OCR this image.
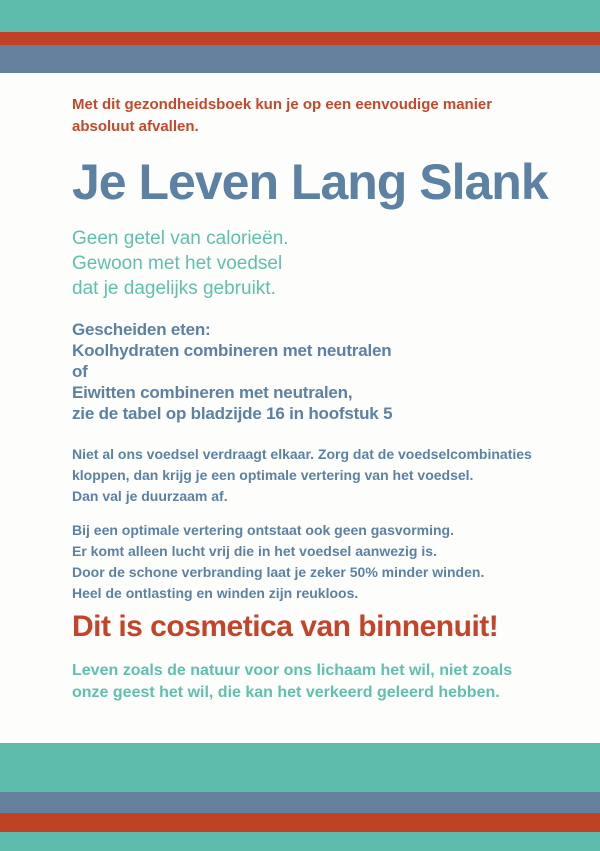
Met dit gezondheidsboek kun je op een eenvoudige manier
absoluut afvallen.
Je Leven Lang Slank
Geen getel van calorieën.
Gewoon met het voedsel
dat je dagelijks gebruikt.
Gescheiden eten:
Koolhydraten combineren met neutralen
of
Eiwitten combineren met neutralen,
zie de tabel op bladzijde 16 in hoofstuk 5
Niet al ons voedsel verdraagt elkaar. Zorg dat de voedselcombinaties
kloppen, dan krijg je een optimale vertering van het voedsel.
Dan val je duurzaam af.
Bij een optimale vertering ontstaat ook geen gasvorming.
Er komt alleen lucht vrij die in het voedsel aanwezig is.
Door de schone verbranding laat je zeker 50% minder winden.
Heel de ontlasting en winden zijn reukloos.
Dit is cosmetica van binnenuit!
Leven zoals de natuur voor ons lichaam het wil, niet zoals
onze geest het wil, die kan het verkeerd geleerd hebben.
